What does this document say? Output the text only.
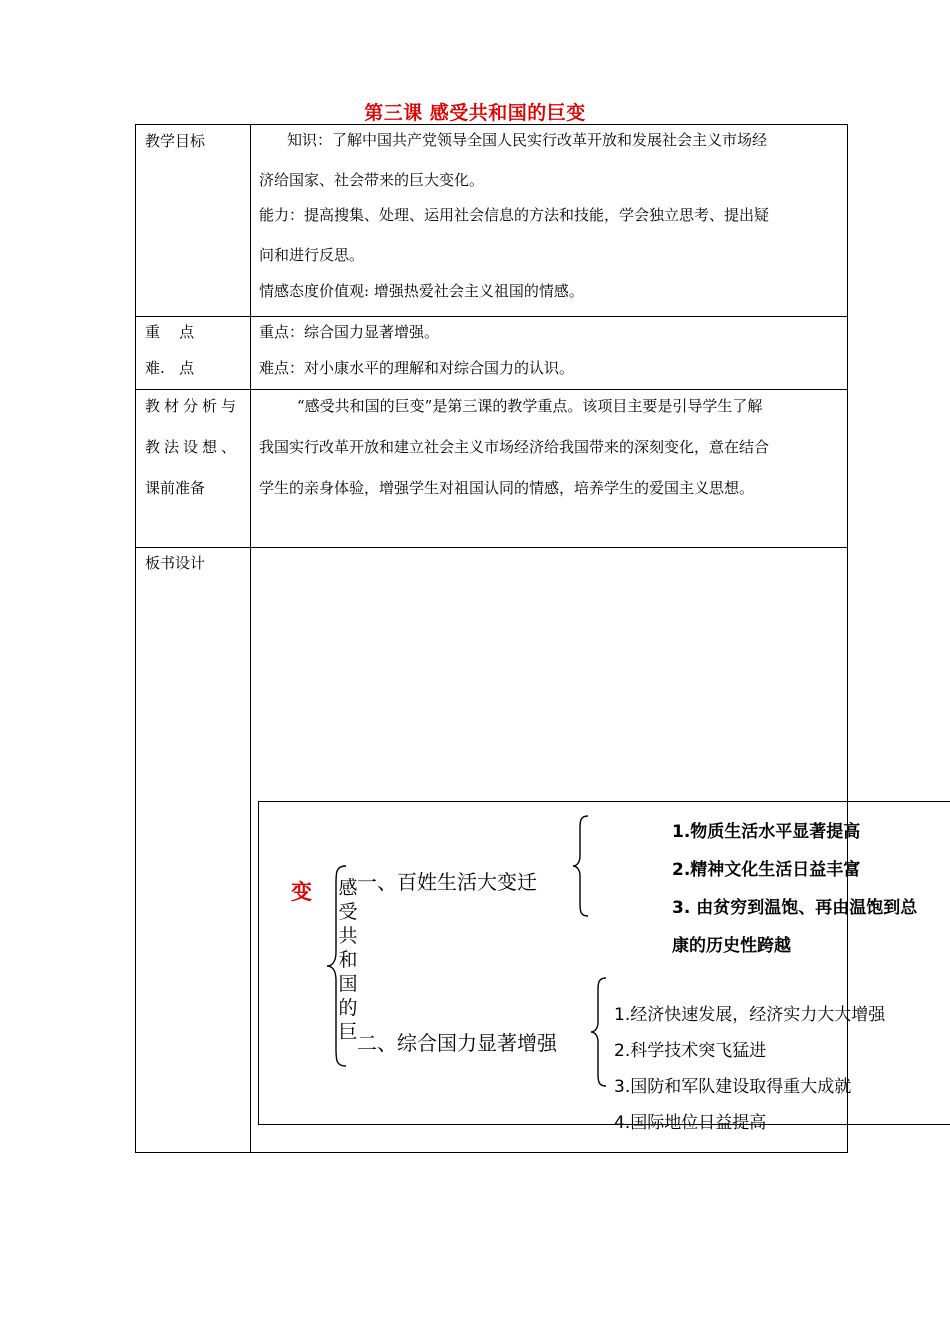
第三课 感受共和国的巨变
教学目标	知识：了解中国共产党领导全国人民实行改革开放和发展社会主义市场经

济给国家、社会带来的巨大变化。

能力：提高搜集、处理、运用社会信息的方法和技能，学会独立思考、提出疑

问和进行反思。

情感态度价值观: 增强热爱社会主义祖国的情感。

重    点
难.   点
重点：综合国力显著增强。
难点：对小康水平的理解和对综合国力的认识。

教材分析与

教法设想、

课前准备

“感受共和国的巨变”是第三课的教学重点。该项目主要是引导学生了解

我国实行改革开放和建立社会主义市场经济给我国带来的深刻变化，意在结合

学生的亲身体验，增强学生对祖国认同的情感，培养学生的爱国主义思想。

板书设计
变 感
受
共
和
国
的
巨
一、百姓生活大变迁
二、综合国力显著增强
1.物质生活水平显著提高
2.精神文化生活日益丰富
3. 由贫穷到温饱、再由温饱到总
康的历史性跨越
1.经济快速发展，经济实力大大增强
2.科学技术突飞猛进
3.国防和军队建设取得重大成就
4.国际地位日益提高
